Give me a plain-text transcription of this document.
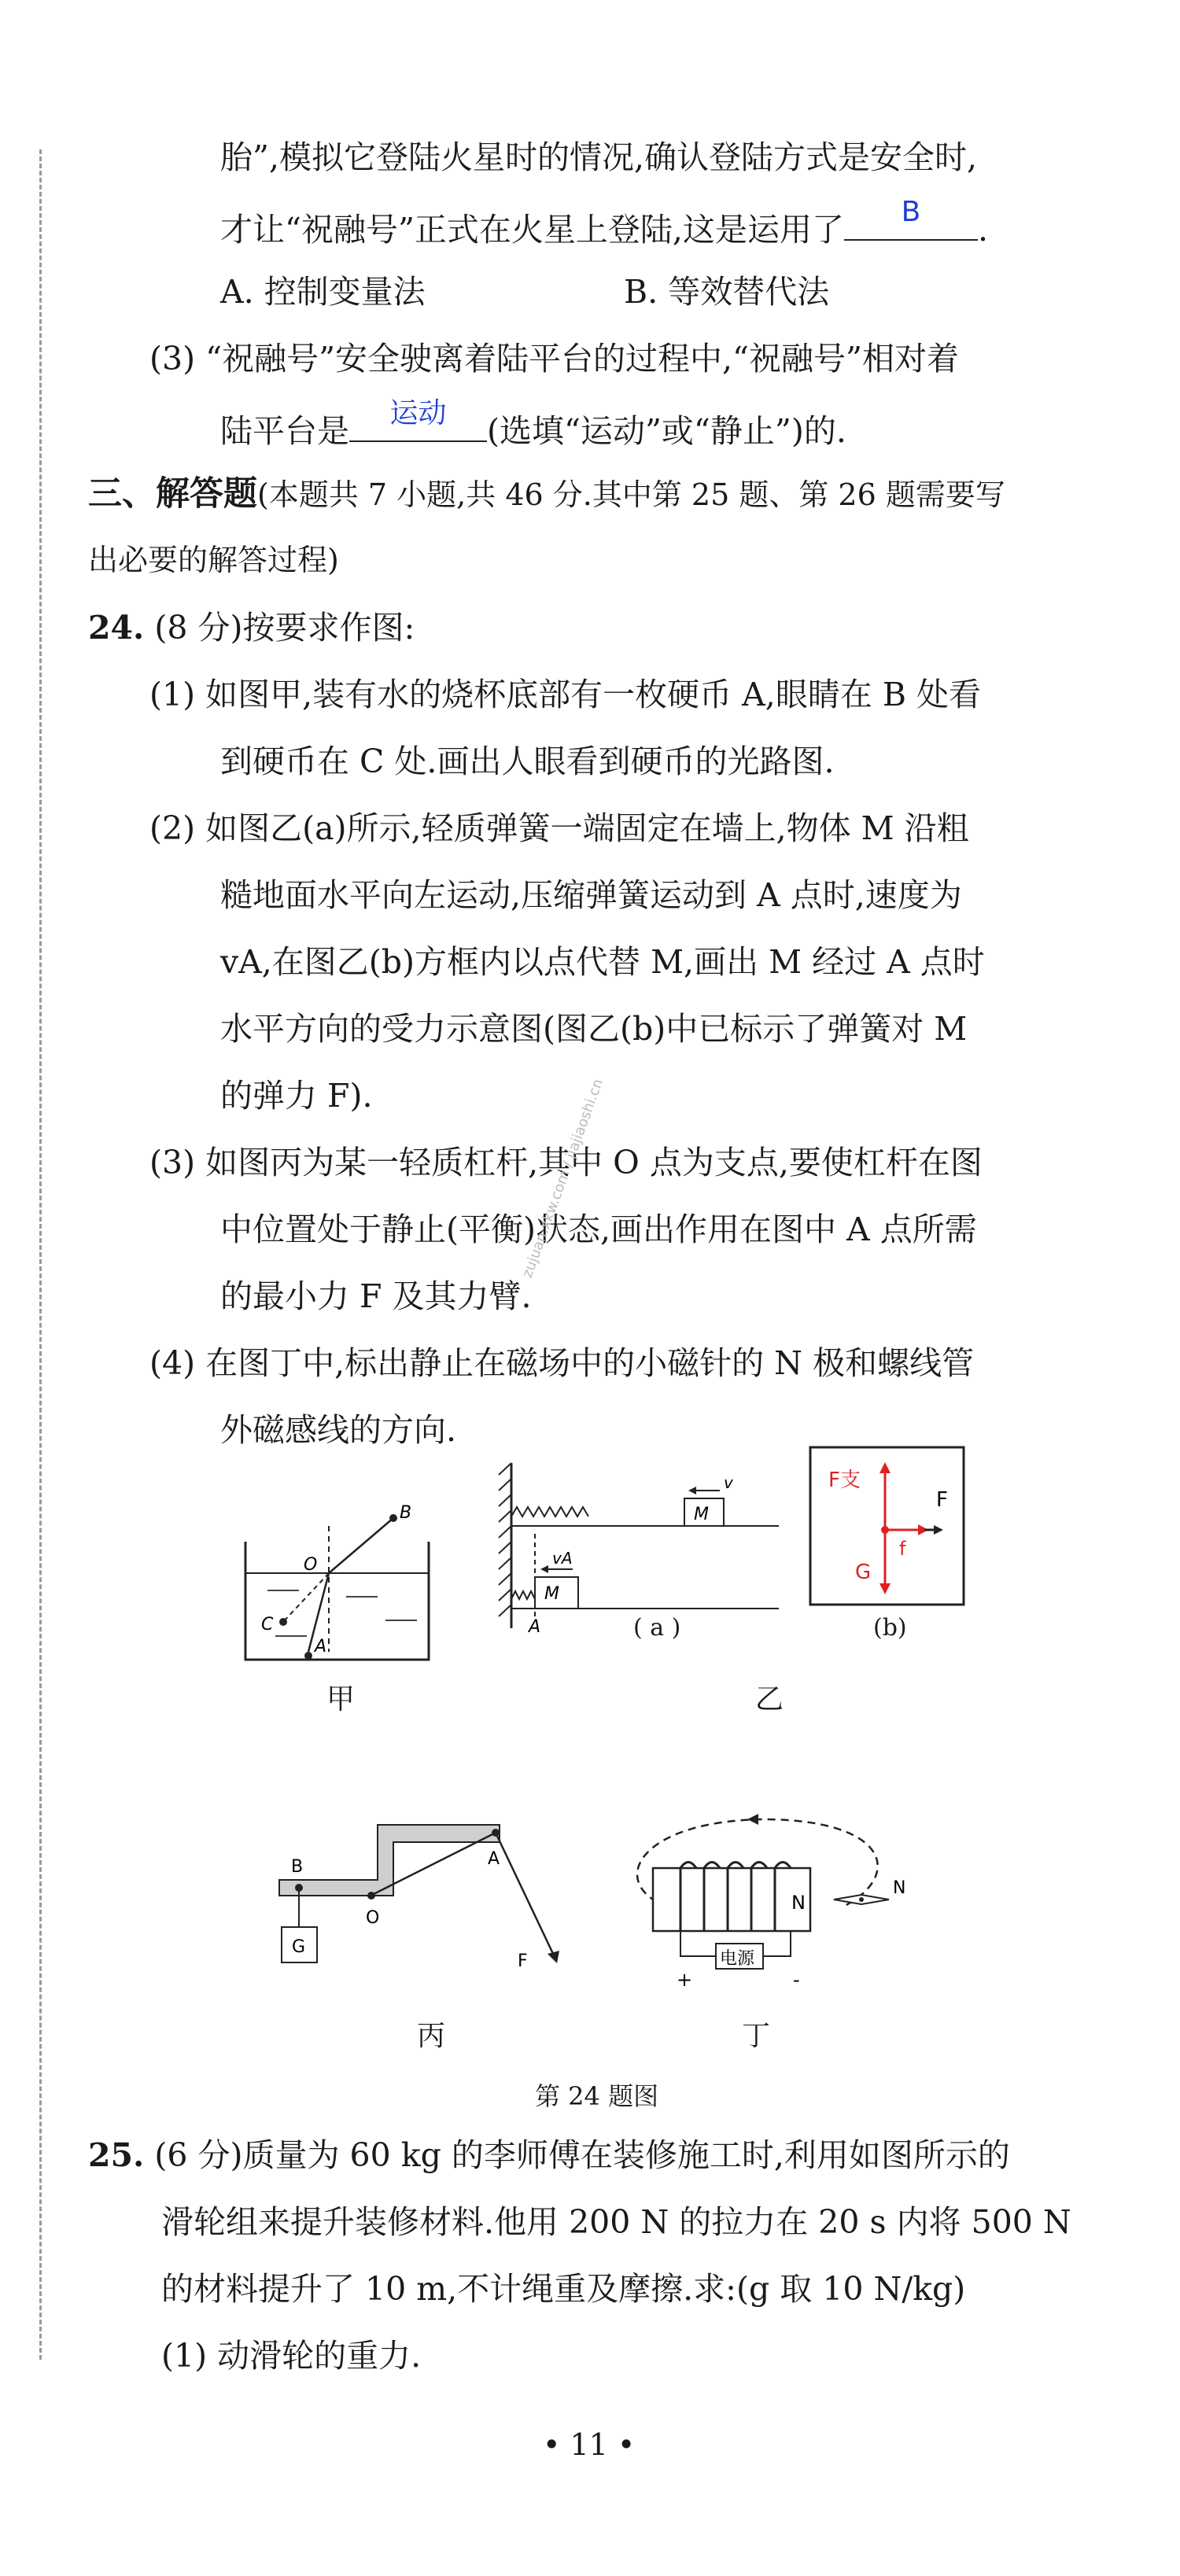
胎”,模拟它登陆火星时的情况,确认登陆方式是安全时,
才让“祝融号”正式在火星上登陆,这是运用了	B	.
A. 控制变量法	B. 等效替代法
(3) “祝融号”安全驶离着陆平台的过程中,“祝融号”相对着
陆平台是	运动	(选填“运动”或“静止”)的.
三、解答题(本题共 7 小题,共 46 分.其中第 25 题、第 26 题需要写
出必要的解答过程)
24. (8 分)按要求作图:
(1) 如图甲,装有水的烧杯底部有一枚硬币 A,眼睛在 B 处看
到硬币在 C 处.画出人眼看到硬币的光路图.
(2) 如图乙(a)所示,轻质弹簧一端固定在墙上,物体 M 沿粗
糙地面水平向左运动,压缩弹簧运动到 A 点时,速度为
vA,在图乙(b)方框内以点代替 M,画出 M 经过 A 点时
水平方向的受力示意图(图乙(b)中已标示了弹簧对 M
的弹力 F).
(3) 如图丙为某一轻质杠杆,其中 O 点为支点,要使杠杆在图
中位置处于静止(平衡)状态,画出作用在图中 A 点所需
的最小力 F 及其力臂.
(4) 在图丁中,标出静止在磁场中的小磁针的 N 极和螺线管
外磁感线的方向.
zujuan.xkw.com / jiajiaoshi.cn
B
O
C
A
甲
M
v
M
vA
A	( a )
乙
F支
F
G
f
(b)
G
B
O
A
F
丙
N
电源
+	-
N
丁
第 24 题图
25. (6 分)质量为 60 kg 的李师傅在装修施工时,利用如图所示的
滑轮组来提升装修材料.他用 200 N 的拉力在 20 s 内将 500 N
的材料提升了 10 m,不计绳重及摩擦.求:(g 取 10 N/kg)
(1) 动滑轮的重力.
• 11 •
